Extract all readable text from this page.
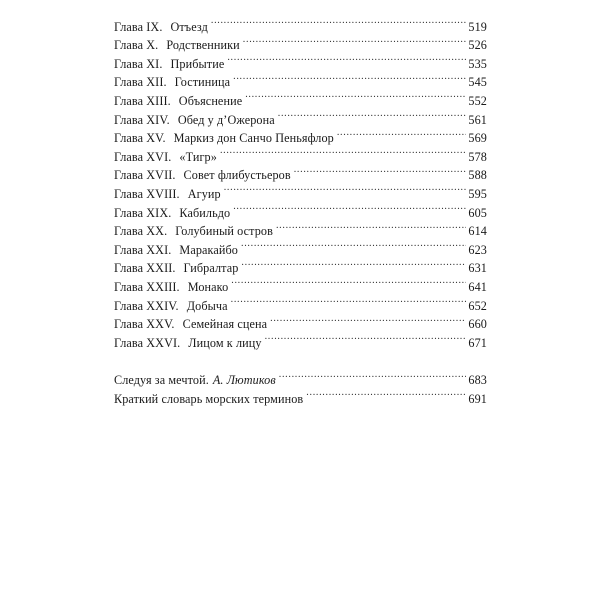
Глава IX. Отъезд . . .	519
Глава X. Родственники . . .	526
Глава XI. Прибытие . . .	535
Глава XII. Гостиница . . .	545
Глава XIII. Объяснение . . .	552
Глава XIV. Обед у д’Ожерона . . .	561
Глава XV. Маркиз дон Санчо Пеньяфлор . . .	569
Глава XVI. «Тигр» . . .	578
Глава XVII. Совет флибустьеров . . .	588
Глава XVIII. Агуир . . .	595
Глава XIX. Кабильдо . . .	605
Глава XX. Голубиный остров . . .	614
Глава XXI. Маракайбо . . .	623
Глава XXII. Гибралтар . . .	631
Глава XXIII. Монако . . .	641
Глава XXIV. Добыча . . .	652
Глава XXV. Семейная сцена . . .	660
Глава XXVI. Лицом к лицу . . .	671
Следуя за мечтой. А. Лютиков . . .	683
Краткий словарь морских терминов . . .	691
